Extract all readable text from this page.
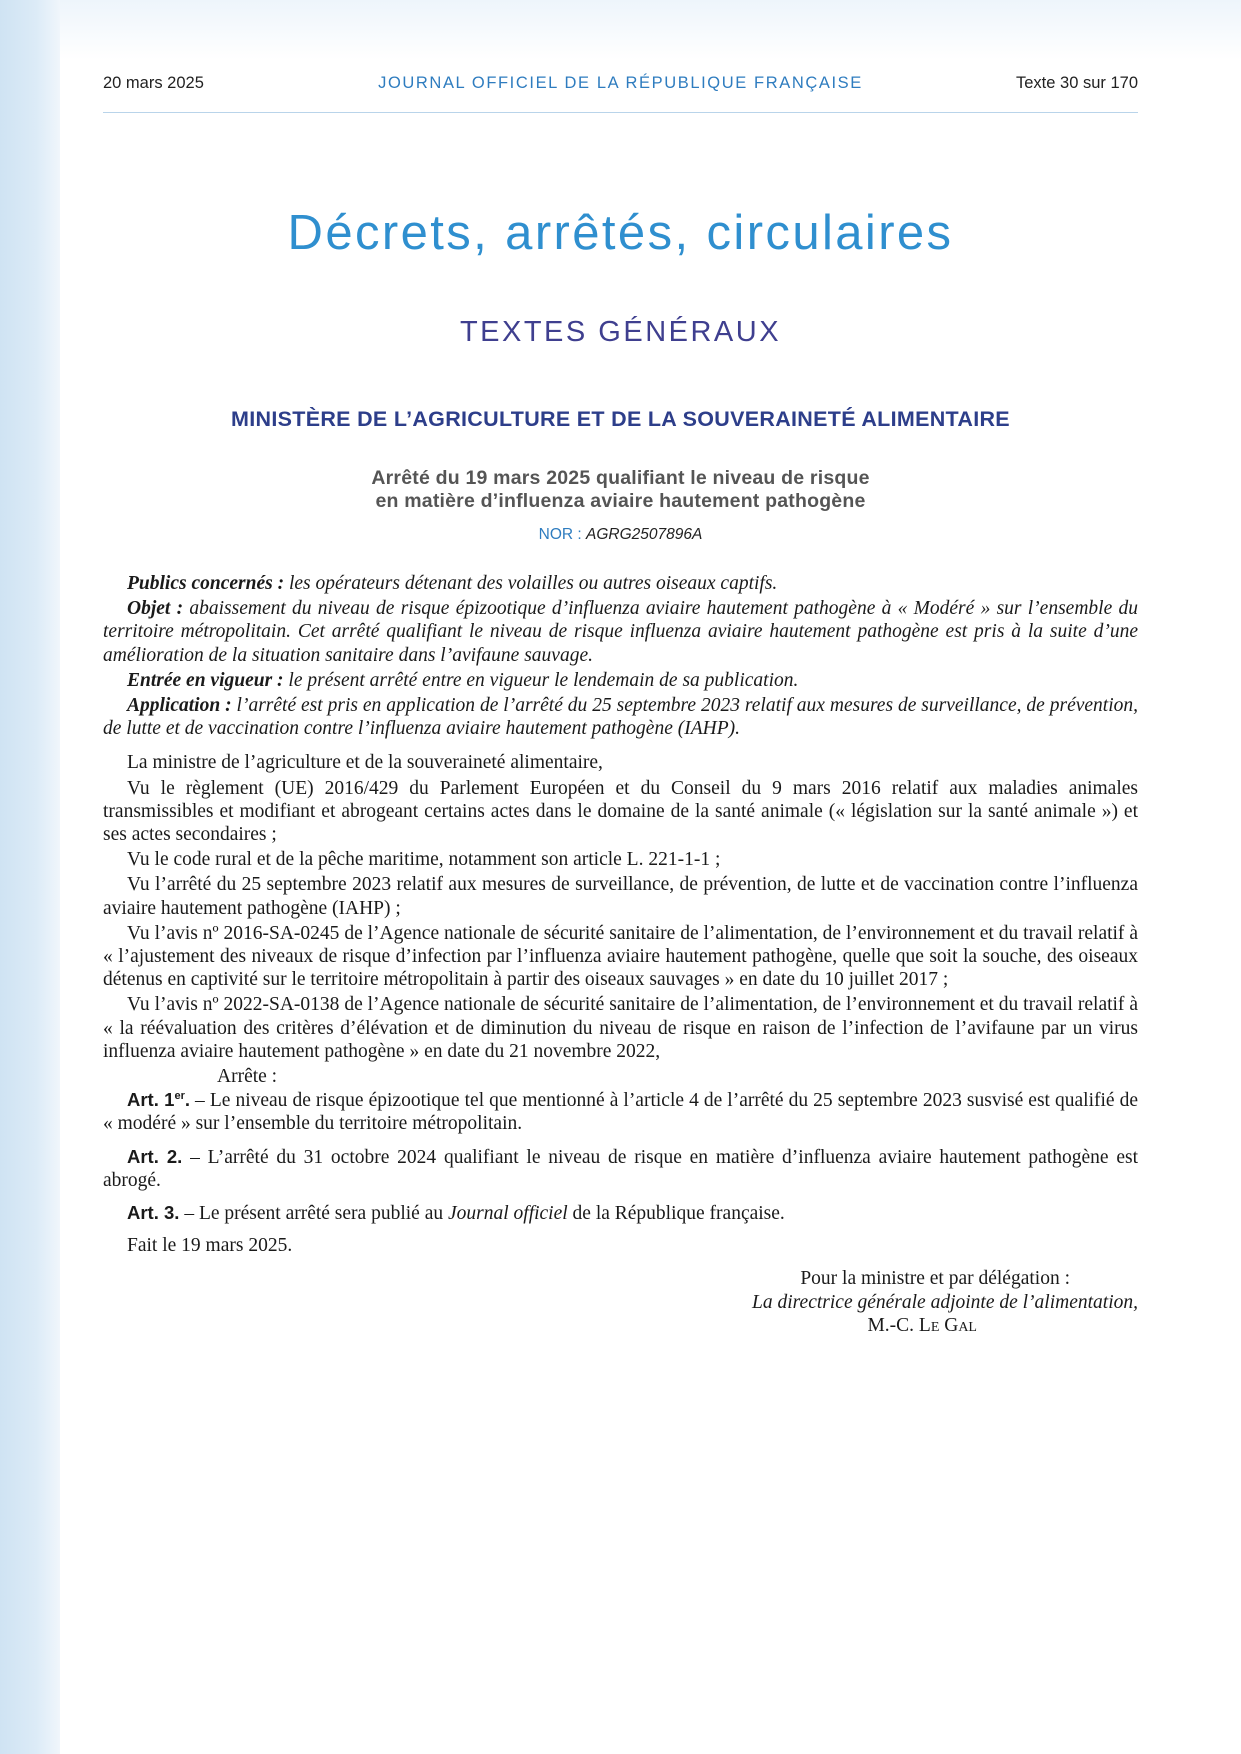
20 mars 2025	JOURNAL OFFICIEL DE LA RÉPUBLIQUE FRANÇAISE	Texte 30 sur 170
Décrets, arrêtés, circulaires
TEXTES GÉNÉRAUX
MINISTÈRE DE L’AGRICULTURE ET DE LA SOUVERAINETÉ ALIMENTAIRE
Arrêté du 19 mars 2025 qualifiant le niveau de risque
en matière d’influenza aviaire hautement pathogène
NOR : AGRG2507896A

Publics concernés : les opérateurs détenant des volailles ou autres oiseaux captifs.

Objet : abaissement du niveau de risque épizootique d’influenza aviaire hautement pathogène à « Modéré » sur l’ensemble du territoire métropolitain. Cet arrêté qualifiant le niveau de risque influenza aviaire hautement pathogène est pris à la suite d’une amélioration de la situation sanitaire dans l’avifaune sauvage.

Entrée en vigueur : le présent arrêté entre en vigueur le lendemain de sa publication.

Application : l’arrêté est pris en application de l’arrêté du 25 septembre 2023 relatif aux mesures de surveillance, de prévention, de lutte et de vaccination contre l’influenza aviaire hautement pathogène (IAHP).

La ministre de l’agriculture et de la souveraineté alimentaire,

Vu le règlement (UE) 2016/429 du Parlement Européen et du Conseil du 9 mars 2016 relatif aux maladies animales transmissibles et modifiant et abrogeant certains actes dans le domaine de la santé animale (« législation sur la santé animale ») et ses actes secondaires ;

Vu le code rural et de la pêche maritime, notamment son article L. 221-1-1 ;

Vu l’arrêté du 25 septembre 2023 relatif aux mesures de surveillance, de prévention, de lutte et de vaccination contre l’influenza aviaire hautement pathogène (IAHP) ;

Vu l’avis nº 2016-SA-0245 de l’Agence nationale de sécurité sanitaire de l’alimentation, de l’environnement et du travail relatif à « l’ajustement des niveaux de risque d’infection par l’influenza aviaire hautement pathogène, quelle que soit la souche, des oiseaux détenus en captivité sur le territoire métropolitain à partir des oiseaux sauvages » en date du 10 juillet 2017 ;

Vu l’avis nº 2022-SA-0138 de l’Agence nationale de sécurité sanitaire de l’alimentation, de l’environnement et du travail relatif à « la réévaluation des critères d’élévation et de diminution du niveau de risque en raison de l’infection de l’avifaune par un virus influenza aviaire hautement pathogène » en date du 21 novembre 2022,

Arrête :

Art. 1er. – Le niveau de risque épizootique tel que mentionné à l’article 4 de l’arrêté du 25 septembre 2023 susvisé est qualifié de « modéré » sur l’ensemble du territoire métropolitain.

Art. 2. – L’arrêté du 31 octobre 2024 qualifiant le niveau de risque en matière d’influenza aviaire hautement pathogène est abrogé.

Art. 3. – Le présent arrêté sera publié au Journal officiel de la République française.

Fait le 19 mars 2025.

Pour la ministre et par délégation :
La directrice générale adjointe de l’alimentation,
M.-C. Le Gal
